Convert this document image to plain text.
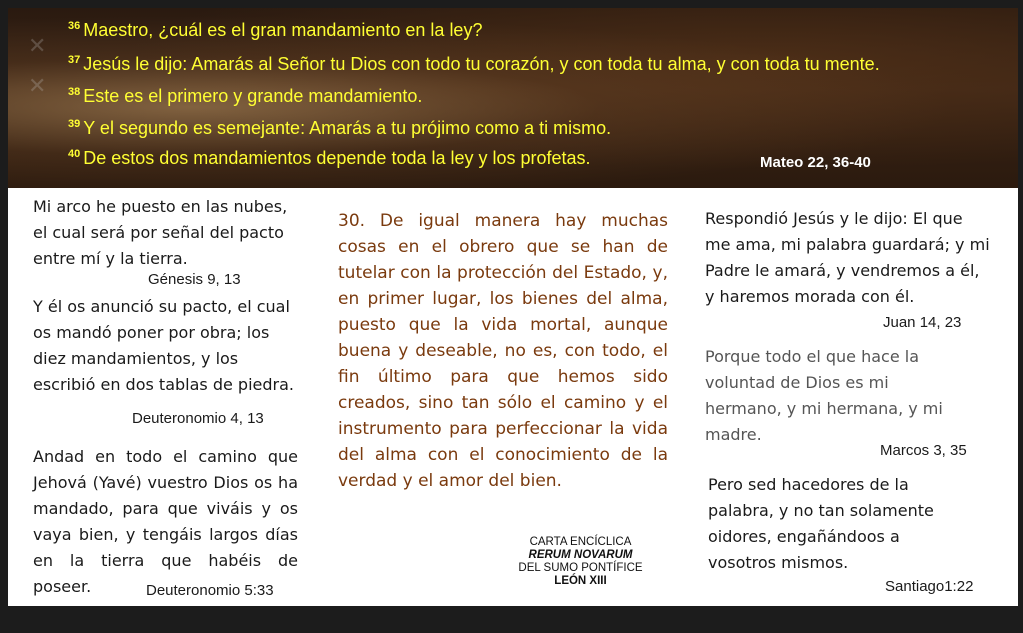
✕
✕
$^{36}$ Maestro, ¿cuál es el gran mandamiento en la ley?
$^{37}$ Jesús le dijo: Amarás al Señor tu Dios con todo tu corazón, y con toda tu alma, y con toda tu mente.
$^{38}$ Este es el primero y grande mandamiento.
$^{39}$ Y el segundo es semejante: Amarás a tu prójimo como a ti mismo.
$^{40}$ De estos dos mandamientos depende toda la ley y los profetas.	Mateo 22, 36-40
Mi arco he puesto en las nubes, el cual será por señal del pacto entre mí y la tierra.
Génesis 9, 13
Y él os anunció su pacto, el cual os mandó poner por obra; los diez mandamientos, y los escribió en dos tablas de piedra.
Deuteronomio 4, 13
Andad en todo el camino que Jehová (Yavé) vuestro Dios os ha mandado, para que viváis y os vaya bien, y tengáis largos días en la tierra que habéis de poseer.	Deuteronomio 5:33
30. De igual manera hay muchas cosas en el obrero que se han de tutelar con la protección del Estado, y, en primer lugar, los bienes del alma, puesto que la vida mortal, aunque buena y deseable, no es, con todo, el fin último para que hemos sido creados, sino tan sólo el camino y el instrumento para perfeccionar la vida del alma con el conocimiento de la verdad y el amor del bien.
CARTA ENCÍCLICA
RERUM NOVARUM
DEL SUMO PONTÍFICE
LEÓN XIII
Respondió Jesús y le dijo: El que me ama, mi palabra guardará; y mi Padre le amará, y vendremos a él, y haremos morada con él.
Juan 14, 23
Porque todo el que hace la voluntad de Dios es mi hermano, y mi hermana, y mi madre.
Marcos 3, 35
Pero sed hacedores de la palabra, y no tan solamente oidores, engañándoos a vosotros mismos.
Santiago1:22
